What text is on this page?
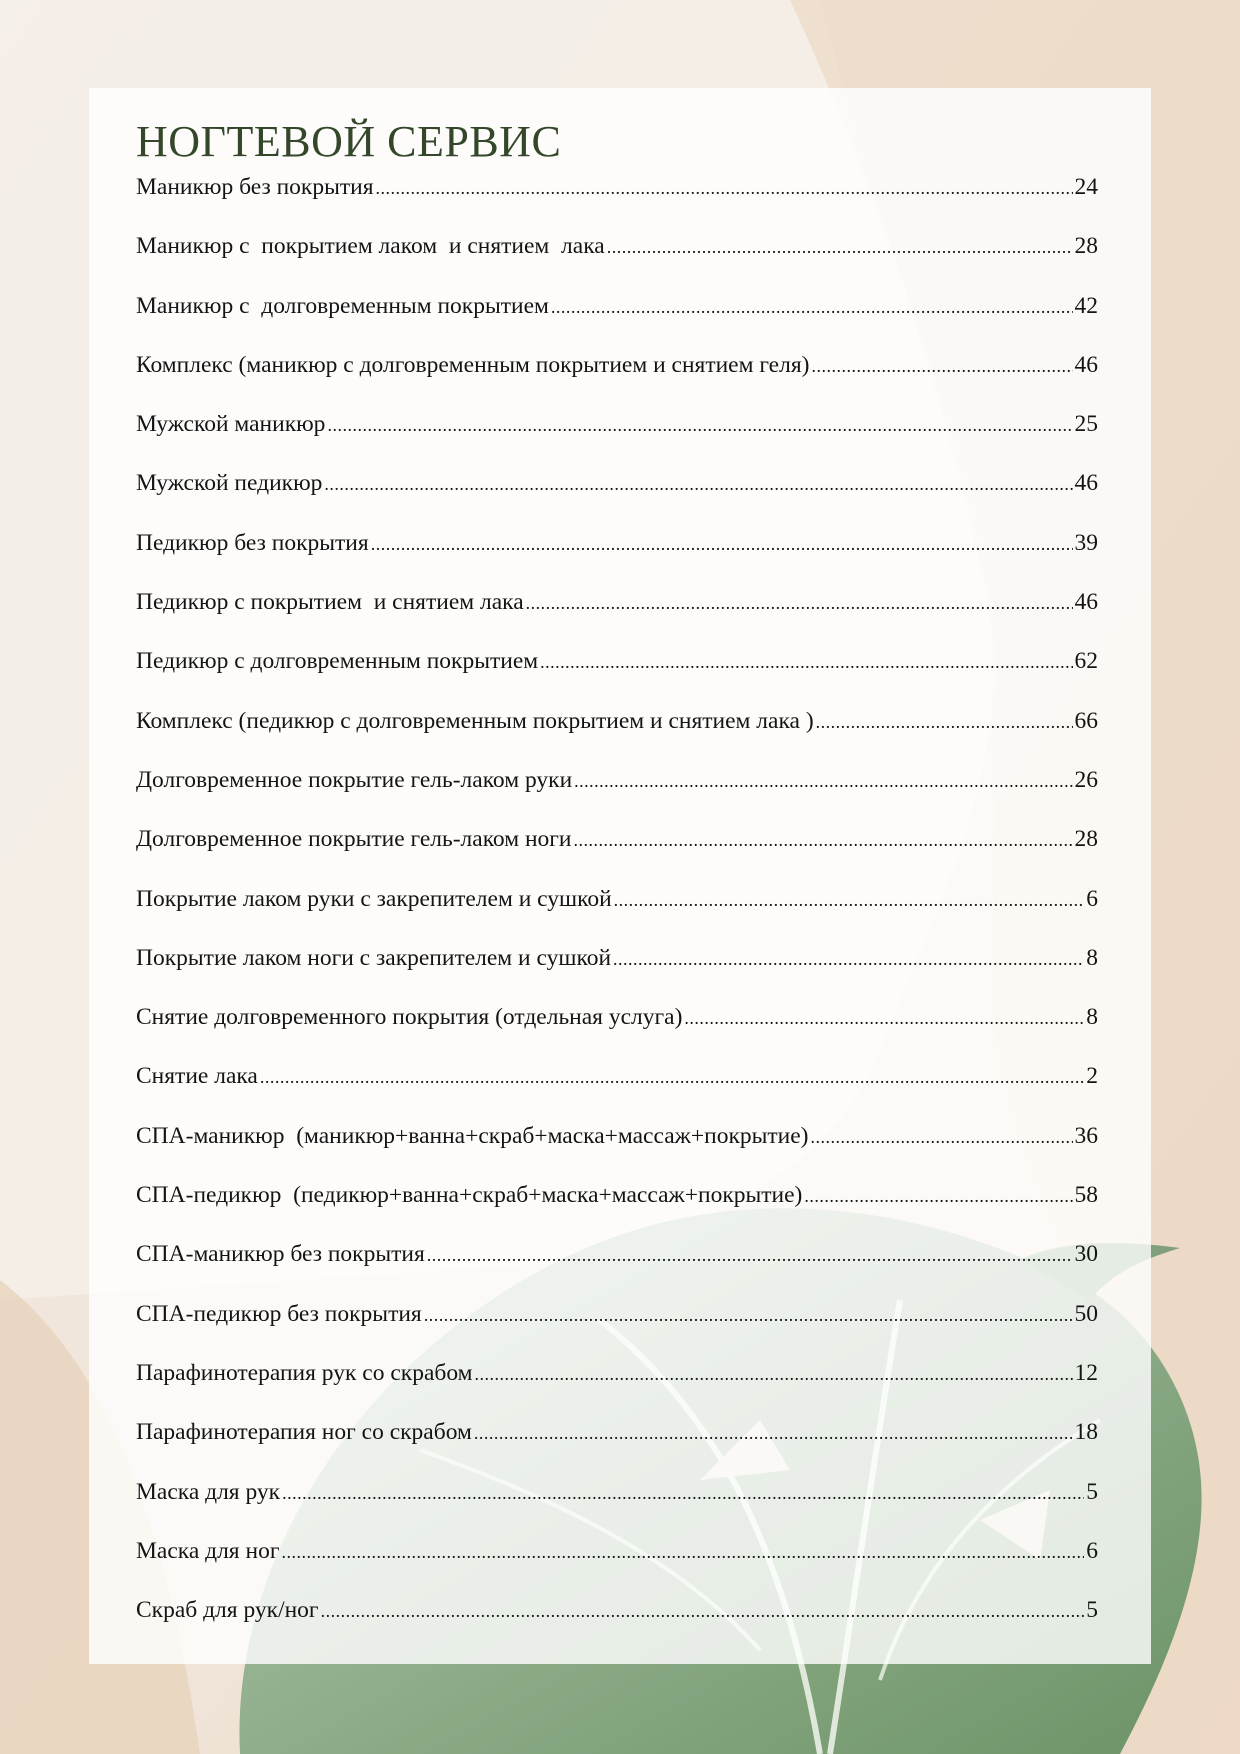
НОГТЕВОЙ СЕРВИС
Маникюр без покрытия .....	24
Маникюр с  покрытием лаком  и снятием  лака .....	28
Маникюр с  долговременным покрытием .....	42
Комплекс (маникюр с долговременным покрытием и снятием геля) .....	46
Мужской маникюр .....	25
Мужской педикюр .....	46
Педикюр без покрытия .....	39
Педикюр с покрытием  и снятием лака .....	46
Педикюр с долговременным покрытием .....	62
Комплекс (педикюр с долговременным покрытием и снятием лака ) .....	66
Долговременное покрытие гель-лаком руки .....	26
Долговременное покрытие гель-лаком ноги .....	28
Покрытие лаком руки с закрепителем и сушкой .....	6
Покрытие лаком ноги с закрепителем и сушкой .....	8
Снятие долговременного покрытия (отдельная услуга) .....	8
Снятие лака .....	2
СПА-маникюр  (маникюр+ванна+скраб+маска+массаж+покрытие) .....	36
СПА-педикюр  (педикюр+ванна+скраб+маска+массаж+покрытие) .....	58
СПА-маникюр без покрытия .....	30
СПА-педикюр без покрытия .....	50
Парафинотерапия рук со скрабом .....	12
Парафинотерапия ног со скрабом .....	18
Маска для рук .....	5
Маска для ног .....	6
Скраб для рук/ног .....	5
